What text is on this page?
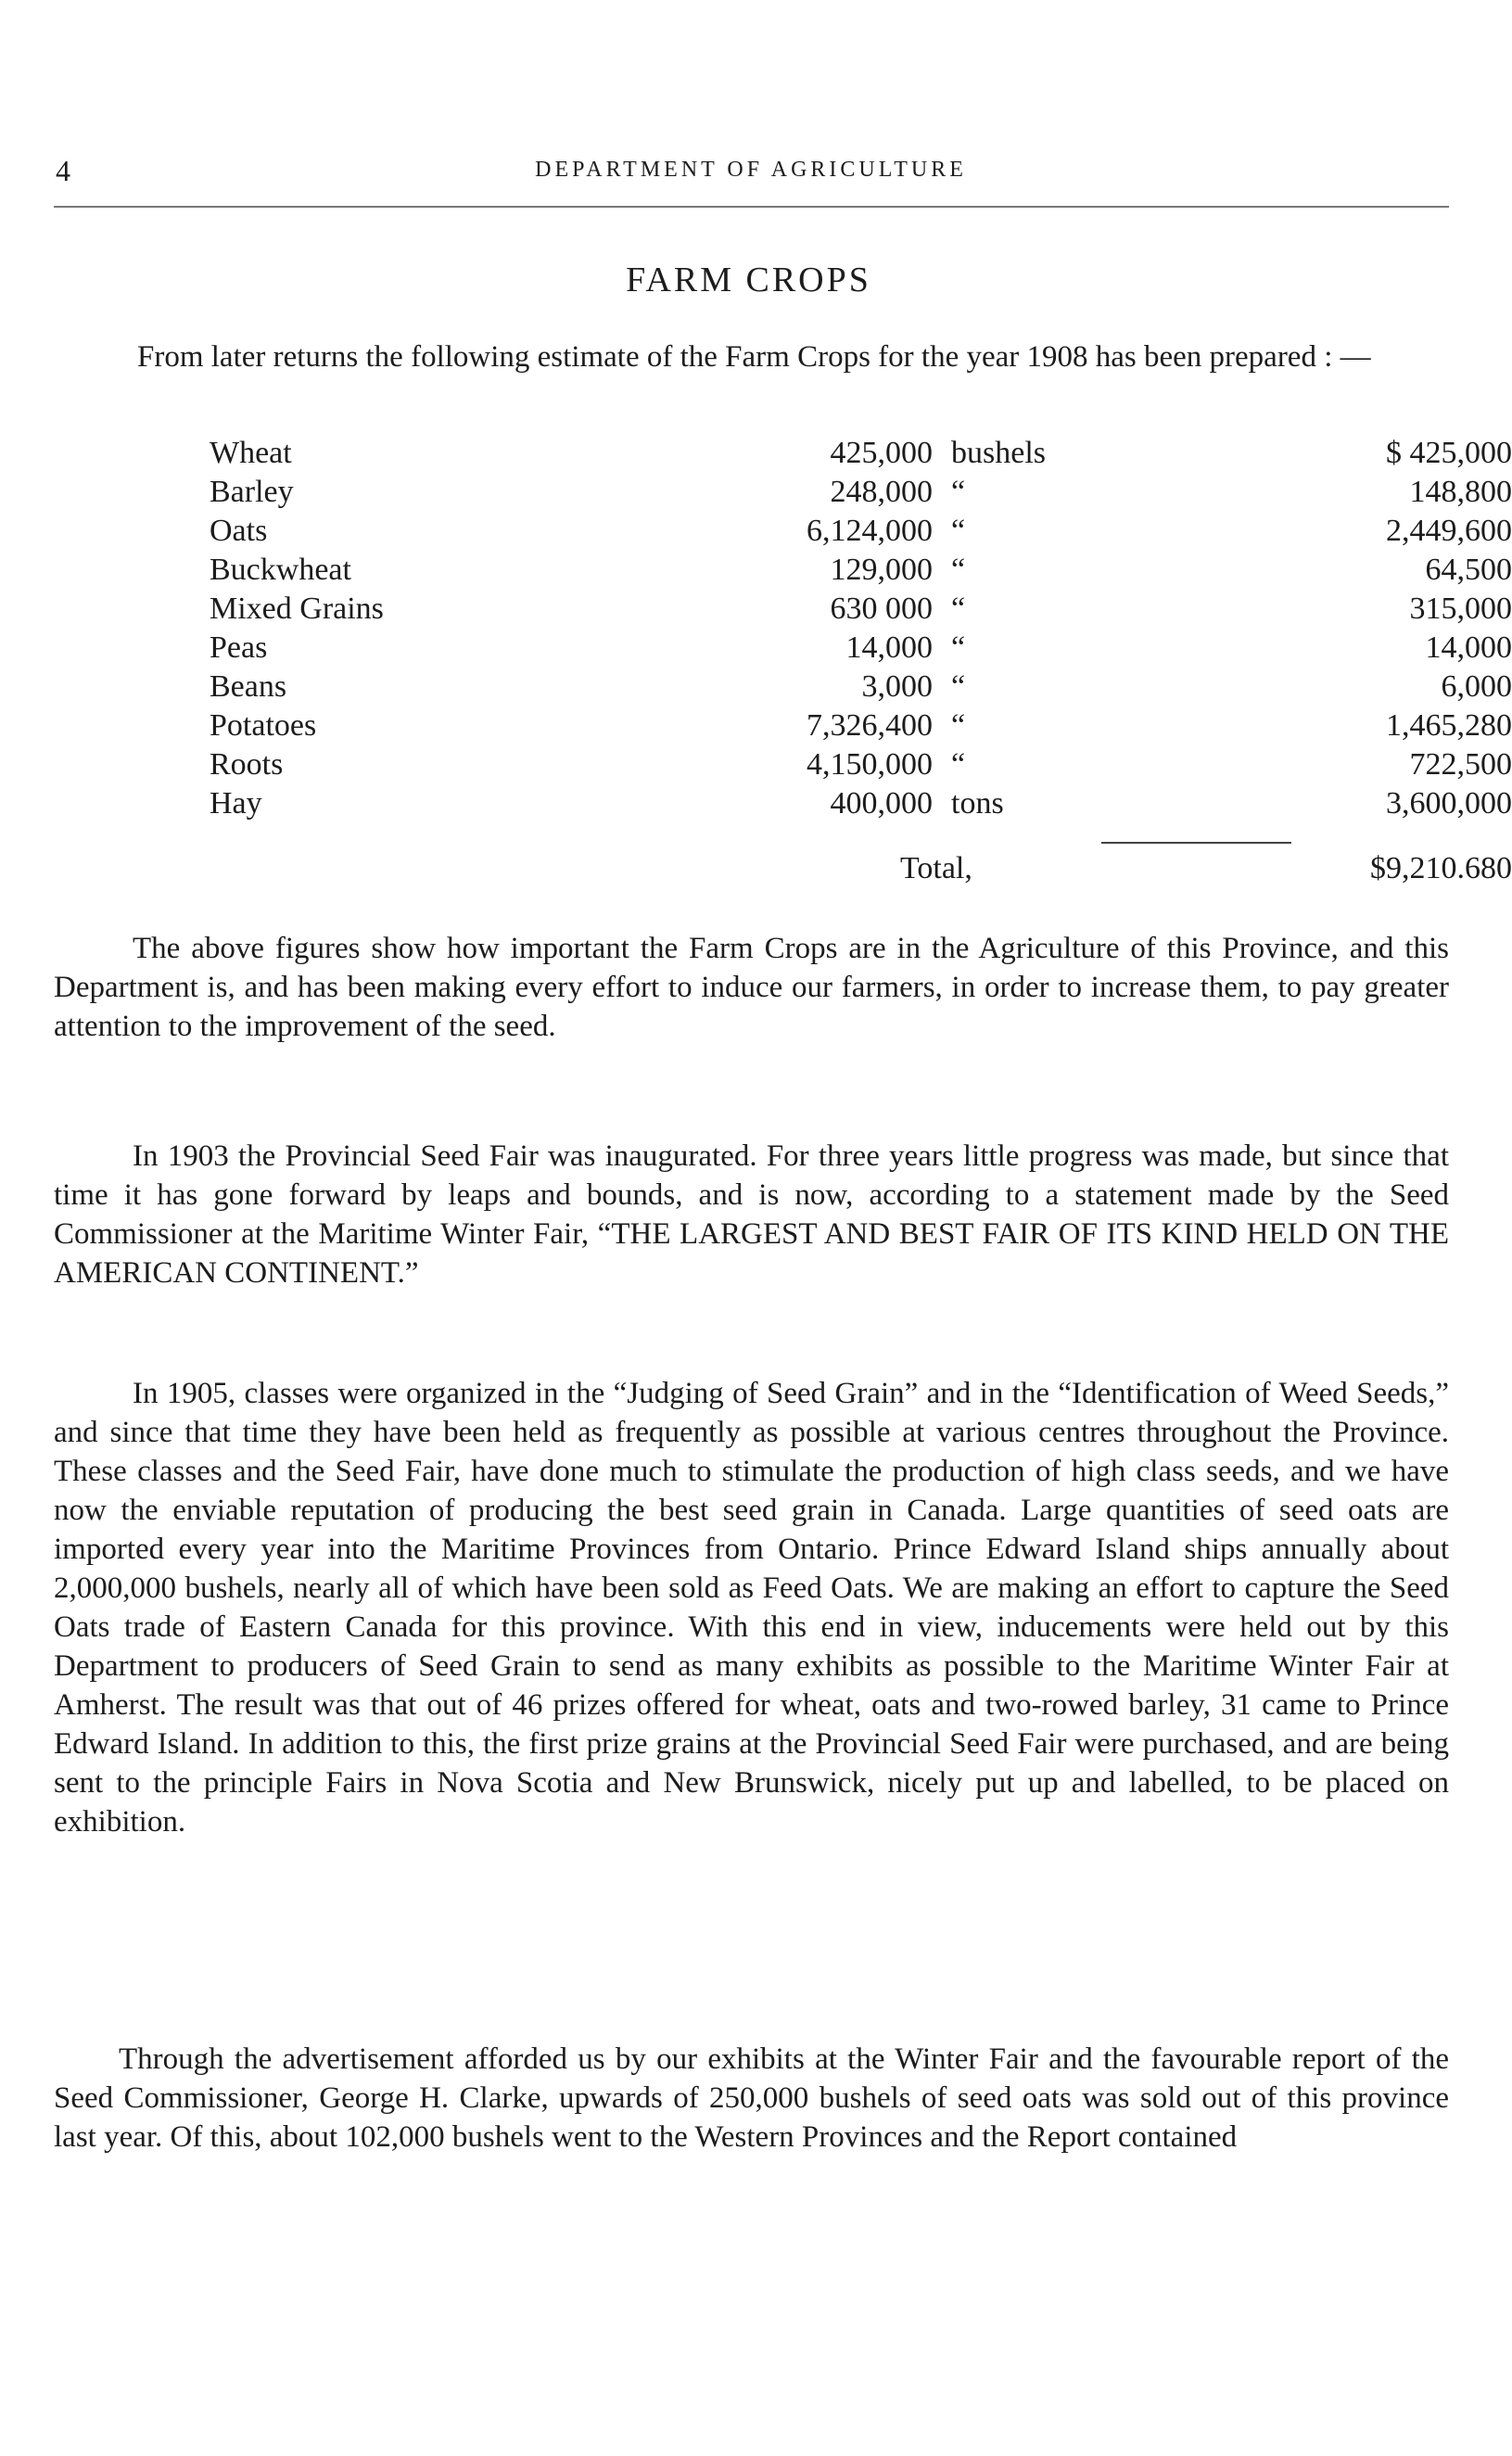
4	DEPARTMENT OF AGRICULTURE
FARM CROPS

From later returns the following estimate of the Farm Crops for the year 1908 has been prepared : —

Wheat	425,000 bushels	$ 425,000
Barley	248,000 “	148,800
Oats	6,124,000 “	2,449,600
Buckwheat	129,000 “	64,500
Mixed Grains	630 000 “	315,000
Peas	14,000 “	14,000
Beans	3,000 “	6,000
Potatoes	7,326,400 “	1,465,280
Roots	4,150,000 “	722,500
Hay	400,000 tons	3,600,000
Total,	$9,210.680

The above figures show how important the Farm Crops are in the Agriculture of this Province, and this Department is, and has been making every effort to induce our farmers, in order to increase them, to pay greater attention to the improvement of the seed.

In 1903 the Provincial Seed Fair was inaugurated. For three years little progress was made, but since that time it has gone forward by leaps and bounds, and is now, according to a statement made by the Seed Commissioner at the Maritime Winter Fair, “THE LARGEST AND BEST FAIR OF ITS KIND HELD ON THE AMERICAN CONTINENT.”

In 1905, classes were organized in the “Judging of Seed Grain” and in the “Identification of Weed Seeds,” and since that time they have been held as frequently as possible at various centres throughout the Province. These classes and the Seed Fair, have done much to stimulate the production of high class seeds, and we have now the enviable reputation of producing the best seed grain in Canada. Large quantities of seed oats are imported every year into the Maritime Provinces from Ontario. Prince Edward Island ships annually about 2,000,000 bushels, nearly all of which have been sold as Feed Oats. We are making an effort to capture the Seed Oats trade of Eastern Canada for this province. With this end in view, inducements were held out by this Department to producers of Seed Grain to send as many exhibits as possible to the Maritime Winter Fair at Amherst. The result was that out of 46 prizes offered for wheat, oats and two-rowed barley, 31 came to Prince Edward Island. In addition to this, the first prize grains at the Provincial Seed Fair were purchased, and are being sent to the principle Fairs in Nova Scotia and New Brunswick, nicely put up and labelled, to be placed on exhibition.

Through the advertisement afforded us by our exhibits at the Winter Fair and the favourable report of the Seed Commissioner, George H. Clarke, upwards of 250,000 bushels of seed oats was sold out of this province last year. Of this, about 102,000 bushels went to the Western Provinces and the Report contained
